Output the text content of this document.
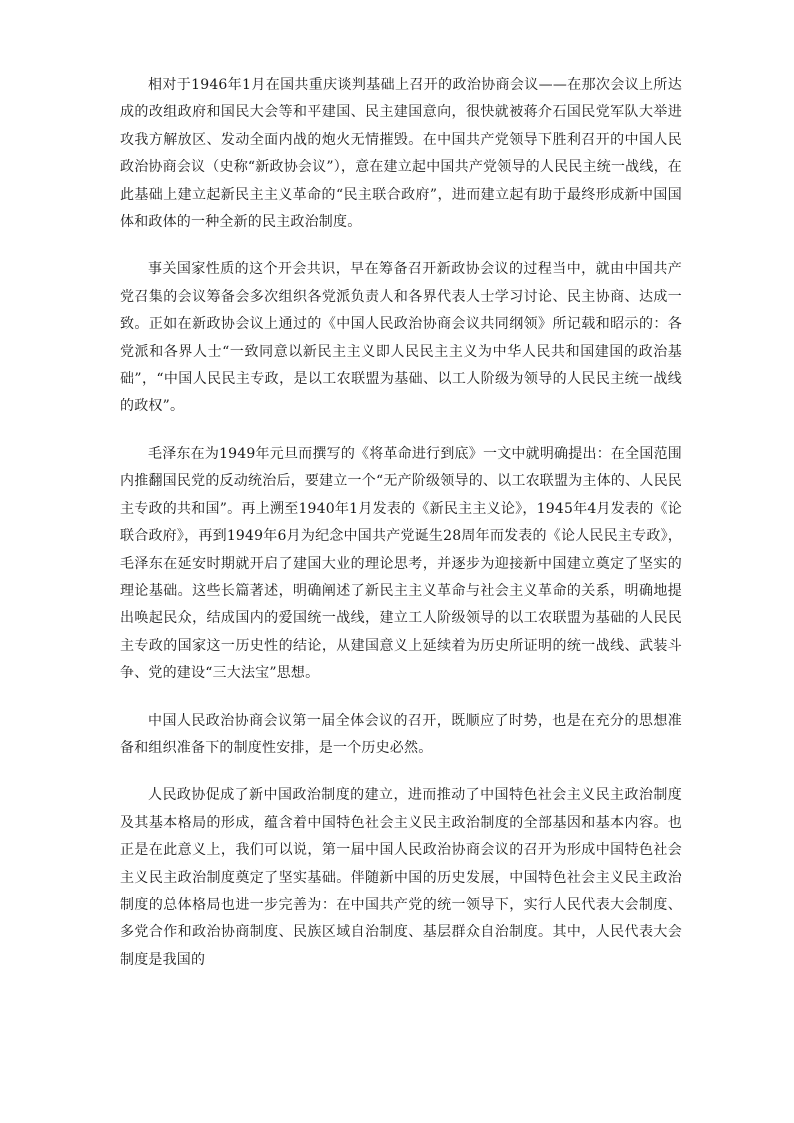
相对于1946年1月在国共重庆谈判基础上召开的政治协商会议——在那次会议上所达成的改组政府和国民大会等和平建国、民主建国意向，很快就被蒋介石国民党军队大举进攻我方解放区、发动全面内战的炮火无情摧毁。在中国共产党领导下胜利召开的中国人民政治协商会议（史称“新政协会议”），意在建立起中国共产党领导的人民民主统一战线，在此基础上建立起新民主主义革命的“民主联合政府”，进而建立起有助于最终形成新中国国体和政体的一种全新的民主政治制度。

事关国家性质的这个开会共识，早在筹备召开新政协会议的过程当中，就由中国共产党召集的会议筹备会多次组织各党派负责人和各界代表人士学习讨论、民主协商、达成一致。正如在新政协会议上通过的《中国人民政治协商会议共同纲领》所记载和昭示的：各党派和各界人士“一致同意以新民主主义即人民民主主义为中华人民共和国建国的政治基础”，“中国人民民主专政，是以工农联盟为基础、以工人阶级为领导的人民民主统一战线的政权”。

毛泽东在为1949年元旦而撰写的《将革命进行到底》一文中就明确提出：在全国范围内推翻国民党的反动统治后，要建立一个“无产阶级领导的、以工农联盟为主体的、人民民主专政的共和国”。再上溯至1940年1月发表的《新民主主义论》，1945年4月发表的《论联合政府》，再到1949年6月为纪念中国共产党诞生28周年而发表的《论人民民主专政》，毛泽东在延安时期就开启了建国大业的理论思考，并逐步为迎接新中国建立奠定了坚实的理论基础。这些长篇著述，明确阐述了新民主主义革命与社会主义革命的关系，明确地提出唤起民众，结成国内的爱国统一战线，建立工人阶级领导的以工农联盟为基础的人民民主专政的国家这一历史性的结论，从建国意义上延续着为历史所证明的统一战线、武装斗争、党的建设“三大法宝”思想。

中国人民政治协商会议第一届全体会议的召开，既顺应了时势，也是在充分的思想准备和组织准备下的制度性安排，是一个历史必然。

人民政协促成了新中国政治制度的建立，进而推动了中国特色社会主义民主政治制度及其基本格局的形成，蕴含着中国特色社会主义民主政治制度的全部基因和基本内容。也正是在此意义上，我们可以说，第一届中国人民政治协商会议的召开为形成中国特色社会主义民主政治制度奠定了坚实基础。伴随新中国的历史发展，中国特色社会主义民主政治制度的总体格局也进一步完善为：在中国共产党的统一领导下，实行人民代表大会制度、多党合作和政治协商制度、民族区域自治制度、基层群众自治制度。其中，人民代表大会制度是我国的
